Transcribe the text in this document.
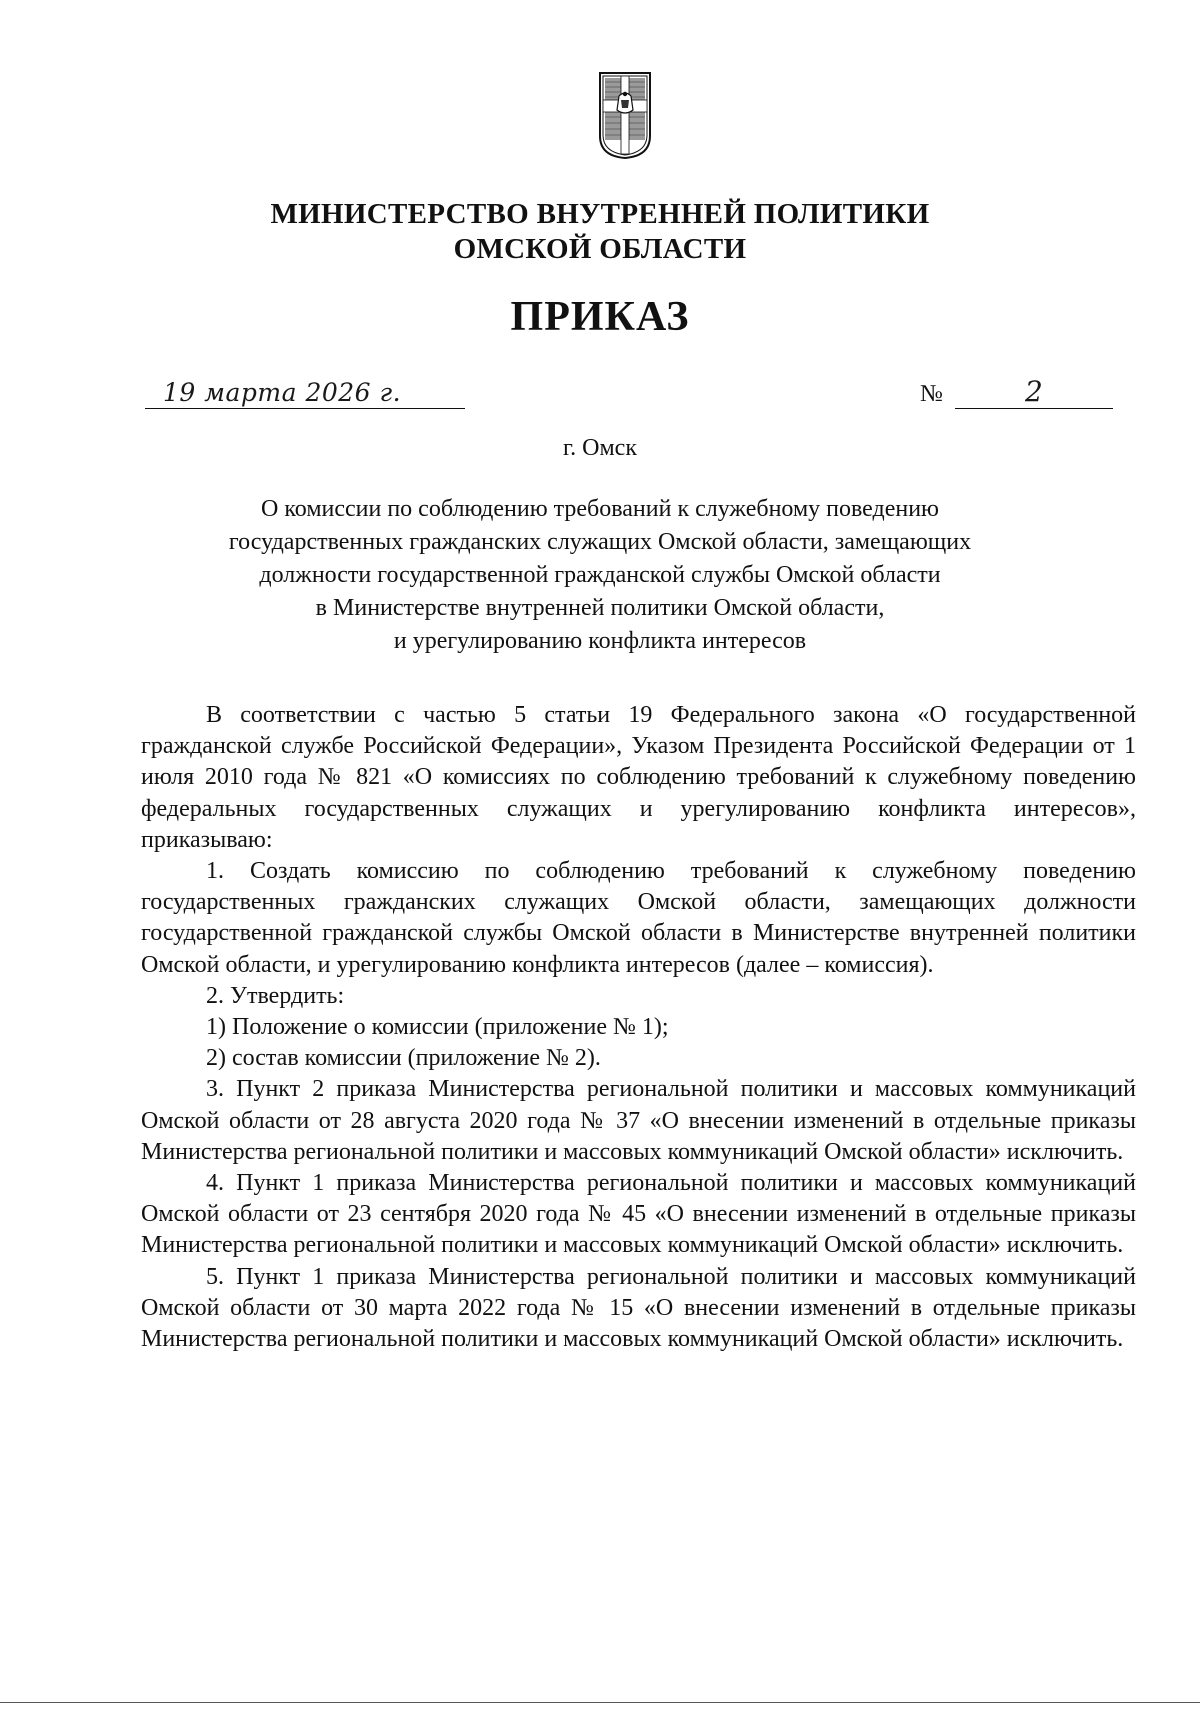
МИНИСТЕРСТВО ВНУТРЕННЕЙ ПОЛИТИКИ
ОМСКОЙ ОБЛАСТИ
ПРИКАЗ
19 марта 2026 г.	№	2
г. Омск
О комиссии по соблюдению требований к служебному поведению
государственных гражданских служащих Омской области, замещающих
должности государственной гражданской службы Омской области
в Министерстве внутренней политики Омской области,
и урегулированию конфликта интересов

В соответствии с частью 5 статьи 19 Федерального закона «О государственной гражданской службе Российской Федерации», Указом Президента Российской Федерации от 1 июля 2010 года № 821 «О комиссиях по соблюдению требований к служебному поведению федеральных государственных служащих и урегулированию конфликта интересов», приказываю:

1. Создать комиссию по соблюдению требований к служебному поведению государственных гражданских служащих Омской области, замещающих должности государственной гражданской службы Омской области в Министерстве внутренней политики Омской области, и урегулированию конфликта интересов (далее – комиссия).

2. Утвердить:

1) Положение о комиссии (приложение № 1);

2) состав комиссии (приложение № 2).

3. Пункт 2 приказа Министерства региональной политики и массовых коммуникаций Омской области от 28 августа 2020 года № 37 «О внесении изменений в отдельные приказы Министерства региональной политики и массовых коммуникаций Омской области» исключить.

4. Пункт 1 приказа Министерства региональной политики и массовых коммуникаций Омской области от 23 сентября 2020 года № 45 «О внесении изменений в отдельные приказы Министерства региональной политики и массовых коммуникаций Омской области» исключить.

5. Пункт 1 приказа Министерства региональной политики и массовых коммуникаций Омской области от 30 марта 2022 года № 15 «О внесении изменений в отдельные приказы Министерства региональной политики и массовых коммуникаций Омской области» исключить.
